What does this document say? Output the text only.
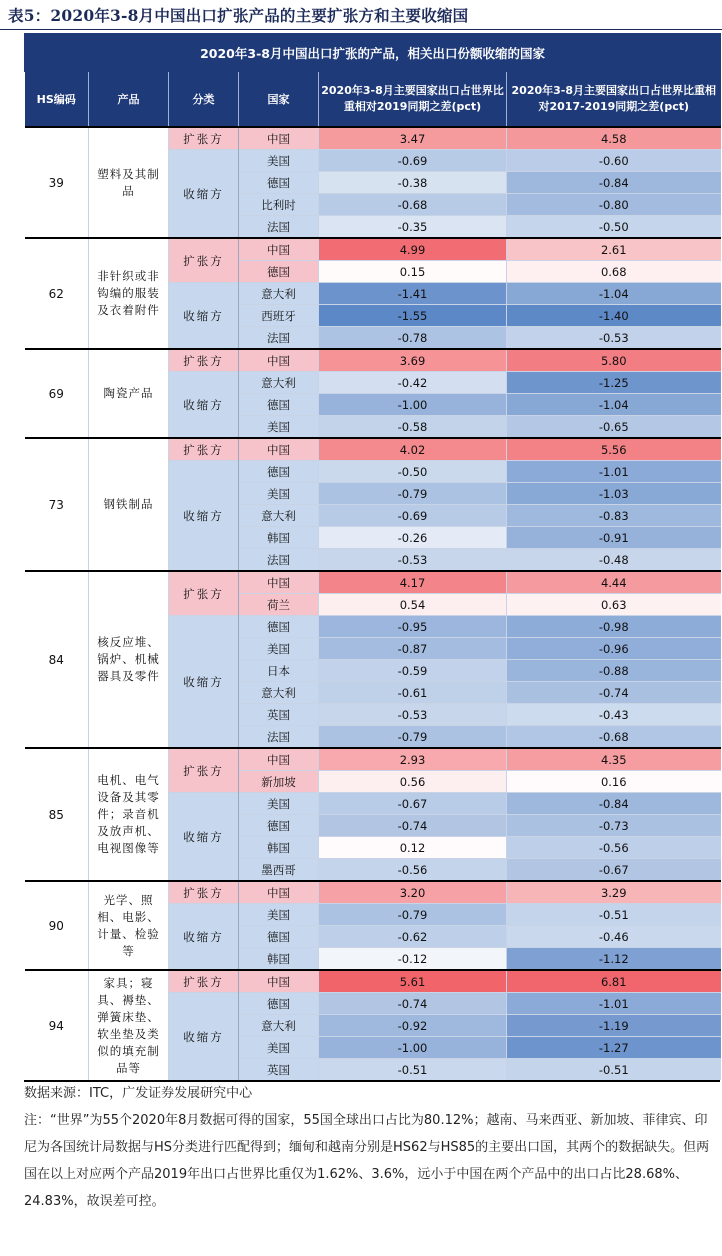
表5：2020年3-8月中国出口扩张产品的主要扩张方和主要收缩国
2020年3-8月中国出口扩张的产品，相关出口份额收缩的国家					
HS编码	产品	分类	国家	2020年3-8月主要国家出口占世界比重相对2019同期之差(pct)	2020年3-8月主要国家出口占世界比重相对2017-2019同期之差(pct)
39	塑料及其制品	扩张方	中国	3.47	4.58
		收缩方	美国	-0.69	-0.60
			德国	-0.38	-0.84
			比利时	-0.68	-0.80
			法国	-0.35	-0.50
62	非针织或非钩编的服装及衣着附件	扩张方	中国	4.99	2.61
			德国	0.15	0.68
		收缩方	意大利	-1.41	-1.04
			西班牙	-1.55	-1.40
			法国	-0.78	-0.53
69	陶瓷产品	扩张方	中国	3.69	5.80
		收缩方	意大利	-0.42	-1.25
			德国	-1.00	-1.04
			美国	-0.58	-0.65
73	钢铁制品	扩张方	中国	4.02	5.56
		收缩方	德国	-0.50	-1.01
			美国	-0.79	-1.03
			意大利	-0.69	-0.83
			韩国	-0.26	-0.91
			法国	-0.53	-0.48
84	核反应堆、锅炉、机械器具及零件	扩张方	中国	4.17	4.44
			荷兰	0.54	0.63
		收缩方	德国	-0.95	-0.98
			美国	-0.87	-0.96
			日本	-0.59	-0.88
			意大利	-0.61	-0.74
			英国	-0.53	-0.43
			法国	-0.79	-0.68
85	电机、电气设备及其零件；录音机及放声机、电视图像等	扩张方	中国	2.93	4.35
			新加坡	0.56	0.16
		收缩方	美国	-0.67	-0.84
			德国	-0.74	-0.73
			韩国	0.12	-0.56
			墨西哥	-0.56	-0.67
90	光学、照相、电影、计量、检验等	扩张方	中国	3.20	3.29
		收缩方	美国	-0.79	-0.51
			德国	-0.62	-0.46
			韩国	-0.12	-1.12
94	家具；寝具、褥垫、弹簧床垫、软坐垫及类似的填充制品等	扩张方	中国	5.61	6.81
		收缩方	德国	-0.74	-1.01
			意大利	-0.92	-1.19
			美国	-1.00	-1.27
			英国	-0.51	-0.51

数据来源：ITC，广发证券发展研究中心

注：“世界”为55个2020年8月数据可得的国家，55国全球出口占比为80.12%；越南、马来西亚、新加坡、菲律宾、印尼为各国统计局数据与HS分类进行匹配得到；缅甸和越南分别是HS62与HS85的主要出口国，其两个的数据缺失。但两国在以上对应两个产品2019年出口占世界比重仅为1.62%、3.6%，远小于中国在两个产品中的出口占比28.68%、24.83%，故误差可控。
